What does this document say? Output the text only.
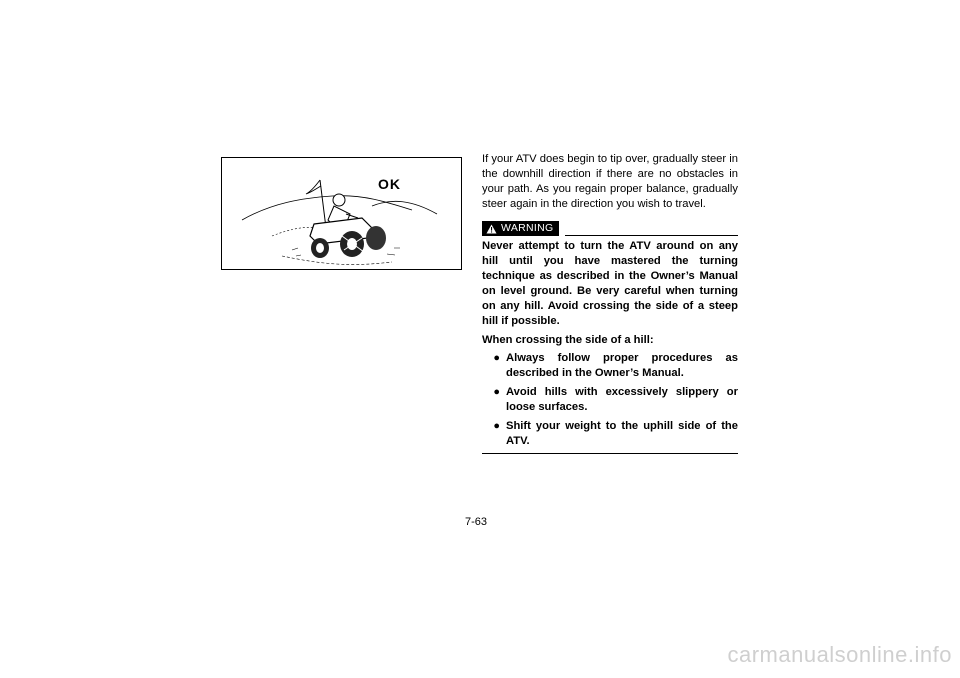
OK

If your ATV does begin to tip over, gradually steer in the downhill direction if there are no obstacles in your path. As you regain proper balance, gradually steer again in the direction you wish to travel.

WARNING

Never attempt to turn the ATV around on any hill until you have mastered the turning technique as described in the Owner’s Manual on level ground. Be very careful when turning on any hill. Avoid crossing the side of a steep hill if possible.

When crossing the side of a hill:

● Always follow proper procedures as described in the Owner’s Manual.
● Avoid hills with excessively slippery or loose surfaces.
● Shift your weight to the uphill side of the ATV.
7-63
carmanualsonline.info
